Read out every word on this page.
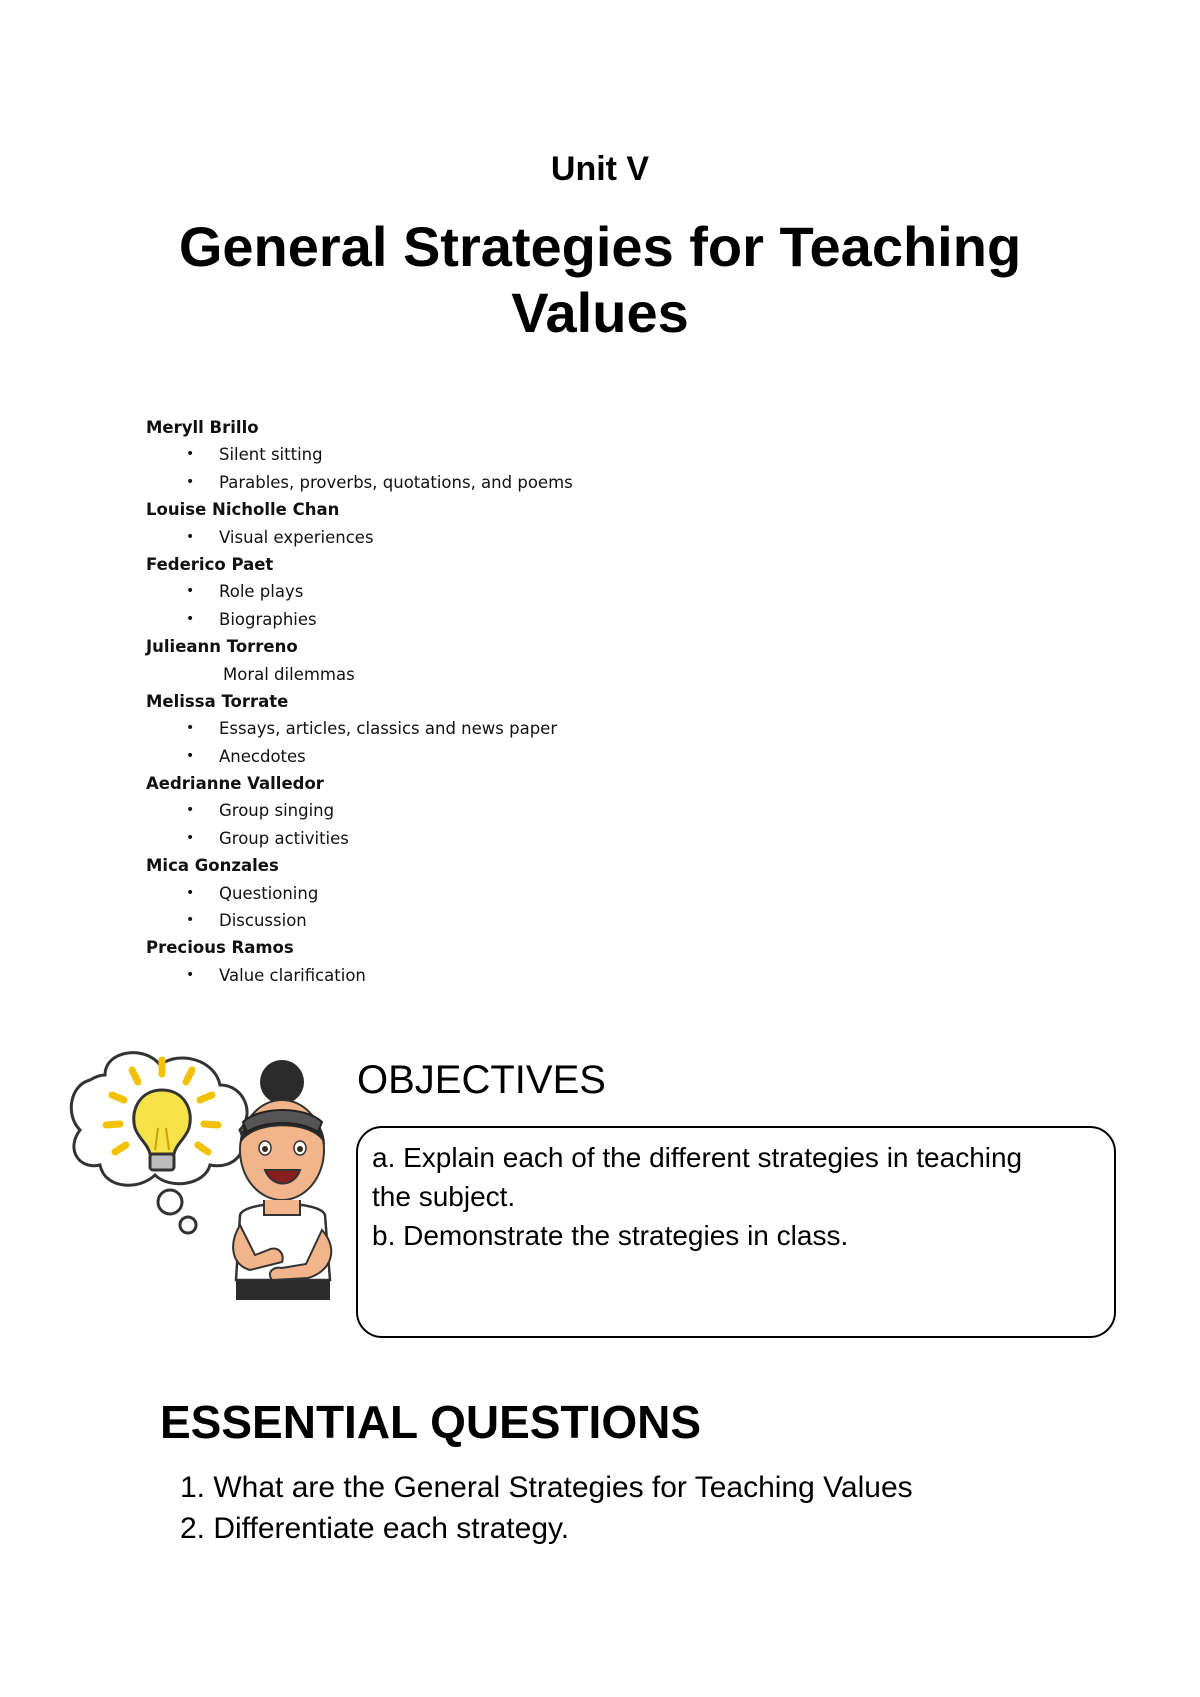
Unit V
General Strategies for Teaching
Values
Meryll Brillo
• Silent sitting
• Parables, proverbs, quotations, and poems
Louise Nicholle Chan
• Visual experiences
Federico Paet
• Role plays
• Biographies
Julieann Torreno
Moral dilemmas
Melissa Torrate
• Essays, articles, classics and news paper
• Anecdotes
Aedrianne Valledor
• Group singing
• Group activities
Mica Gonzales
• Questioning
• Discussion
Precious Ramos
• Value clarification
OBJECTIVES

a. Explain each of the different strategies in teaching

the subject.

b. Demonstrate the strategies in class.

ESSENTIAL QUESTIONS
1. What are the General Strategies for Teaching Values
2. Differentiate each strategy.
